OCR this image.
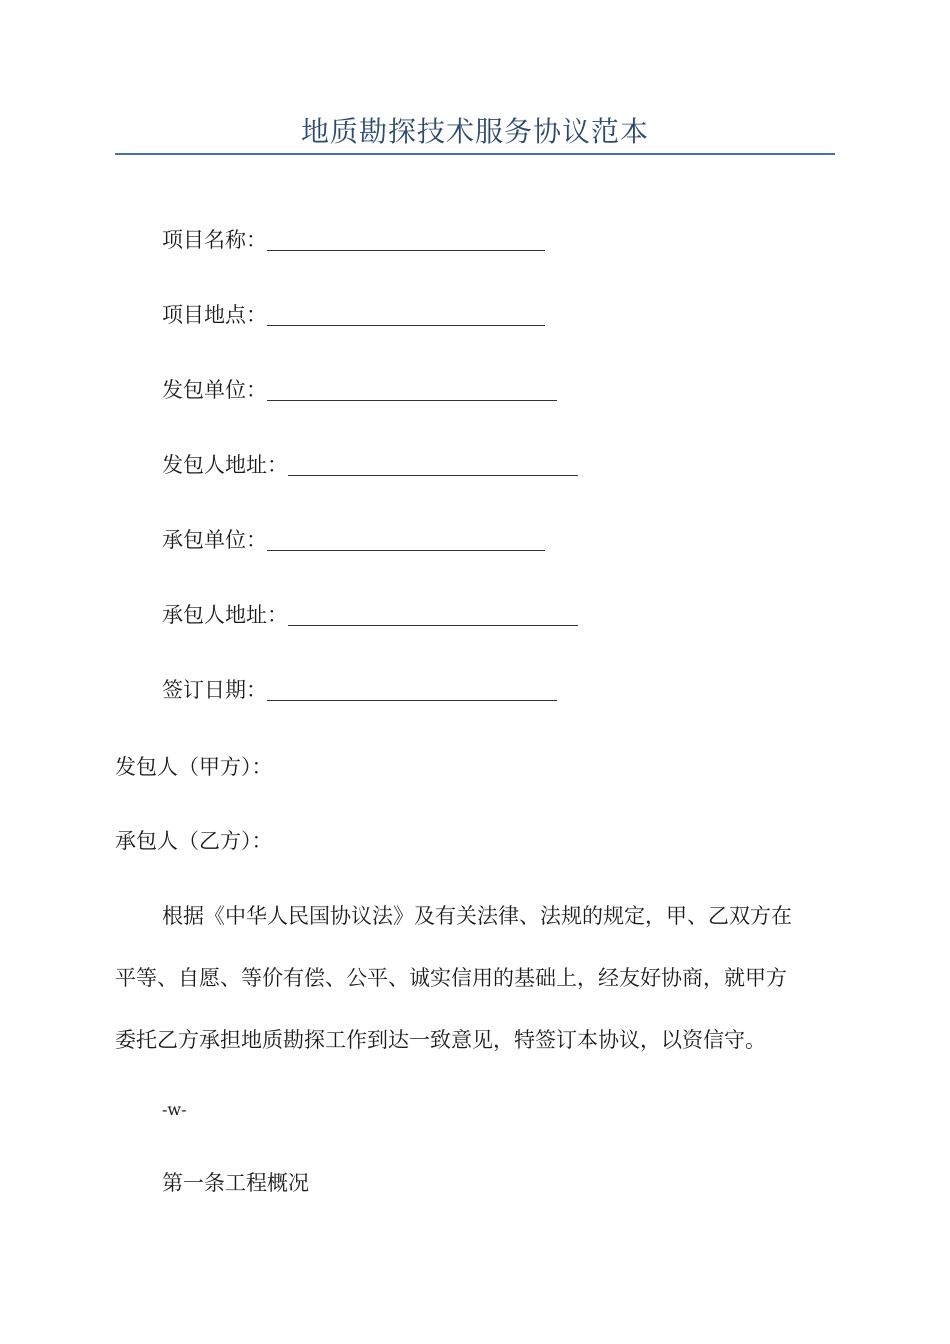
地质勘探技术服务协议范本
项目名称：
项目地点：
发包单位：
发包人地址：
承包单位：
承包人地址：
签订日期：
发包人（甲方）：
承包人（乙方）：
根据《中华人民国协议法》及有关法律、法规的规定，甲、乙双方在
平等、自愿、等价有偿、公平、诚实信用的基础上，经友好协商，就甲方
委托乙方承担地质勘探工作到达一致意见，特签订本协议，以资信守。
-w-
第一条工程概况
